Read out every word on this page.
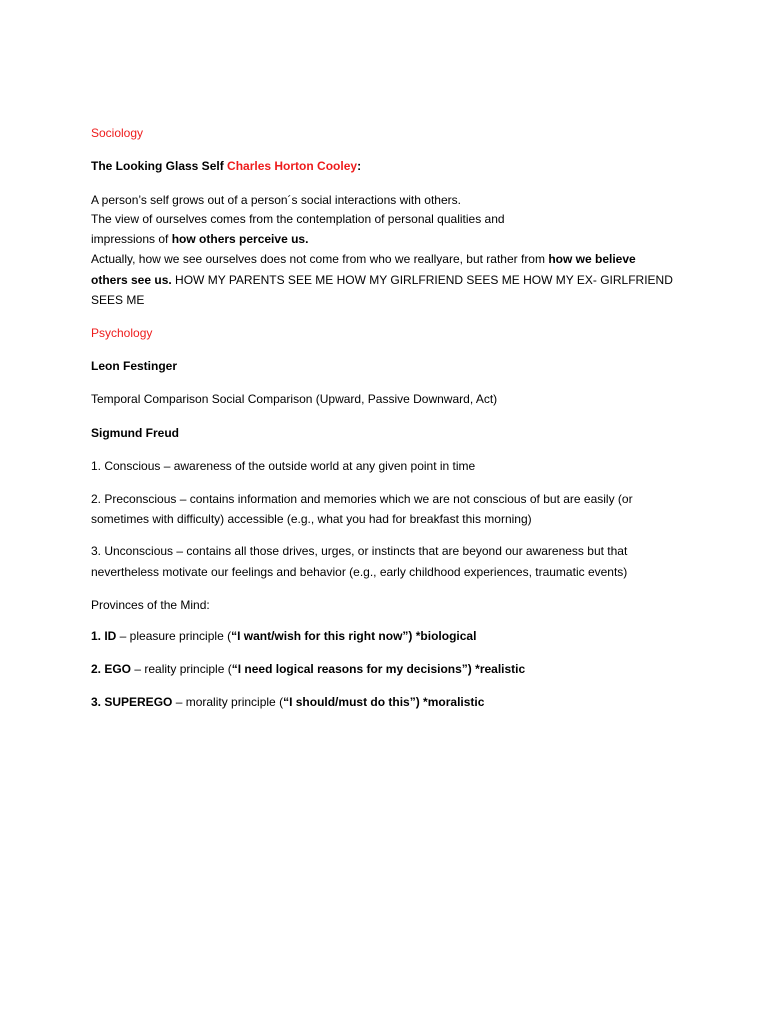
Sociology
The Looking Glass Self Charles Horton Cooley:
A person’s self grows out of a person´s social interactions with others.
The view of ourselves comes from the contemplation of personal qualities and
impressions of how others perceive us.
Actually, how we see ourselves does not come from who we reallyare, but rather from how we believe
others see us. HOW MY PARENTS SEE ME HOW MY GIRLFRIEND SEES ME HOW MY EX- GIRLFRIEND
SEES ME
Psychology
Leon Festinger
Temporal Comparison Social Comparison (Upward, Passive Downward, Act)
Sigmund Freud
1. Conscious – awareness of the outside world at any given point in time
2. Preconscious – contains information and memories which we are not conscious of but are easily (or
sometimes with difficulty) accessible (e.g., what you had for breakfast this morning)
3. Unconscious – contains all those drives, urges, or instincts that are beyond our awareness but that
nevertheless motivate our feelings and behavior (e.g., early childhood experiences, traumatic events)
Provinces of the Mind:
1. ID – pleasure principle (“I want/wish for this right now”) *biological
2. EGO – reality principle (“I need logical reasons for my decisions”) *realistic
3. SUPEREGO – morality principle (“I should/must do this”) *moralistic
